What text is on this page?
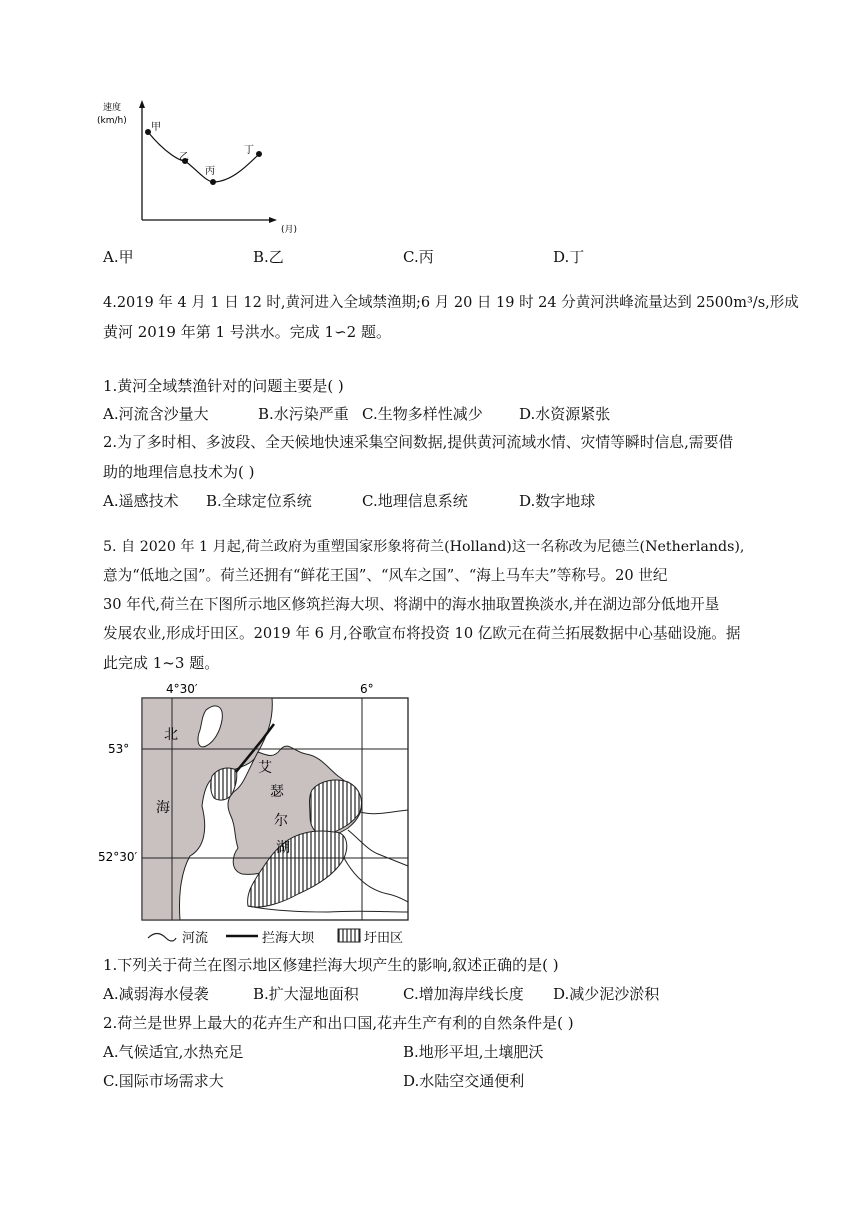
速度
(km/h)
(月)
甲
乙
丙
丁
A.甲	B.乙	C.丙	D.丁
4.2019 年 4 月 1 日 12 时,黄河进入全域禁渔期;6 月 20 日 19 时 24 分黄河洪峰流量达到 2500m³/s,形成
黄河 2019 年第 1 号洪水。完成 1∽2 题。
1.黄河全域禁渔针对的问题主要是( )
A.河流含沙量大	B.水污染严重 C.生物多样性减少 D.水资源紧张
2.为了多时相、多波段、全天候地快速采集空间数据,提供黄河流域水情、灾情等瞬时信息,需要借
助的地理信息技术为( )
A.遥感技术 B.全球定位系统	C.地理信息系统	D.数字地球
5. 自 2020 年 1 月起,荷兰政府为重塑国家形象将荷兰(Holland)这一名称改为尼德兰(Netherlands),
意为“低地之国”。荷兰还拥有“鲜花王国”、“风车之国”、“海上马车夫”等称号。20 世纪
30 年代,荷兰在下图所示地区修筑拦海大坝、将湖中的海水抽取置换淡水,并在湖边部分低地开垦
发展农业,形成圩田区。2019 年 6 月,谷歌宣布将投资 10 亿欧元在荷兰拓展数据中心基础设施。据
此完成 1~3 题。
4°30′	6°
53°
52°30′
北
海
艾
瑟
尔
湖
河流	拦海大坝	圩田区
1.下列关于荷兰在图示地区修建拦海大坝产生的影响,叙述正确的是( )
A.减弱海水侵袭	B.扩大湿地面积	C.增加海岸线长度 D.减少泥沙淤积
2.荷兰是世界上最大的花卉生产和出口国,花卉生产有利的自然条件是( )
A.气候适宜,水热充足	B.地形平坦,土壤肥沃
C.国际市场需求大	D.水陆空交通便利
